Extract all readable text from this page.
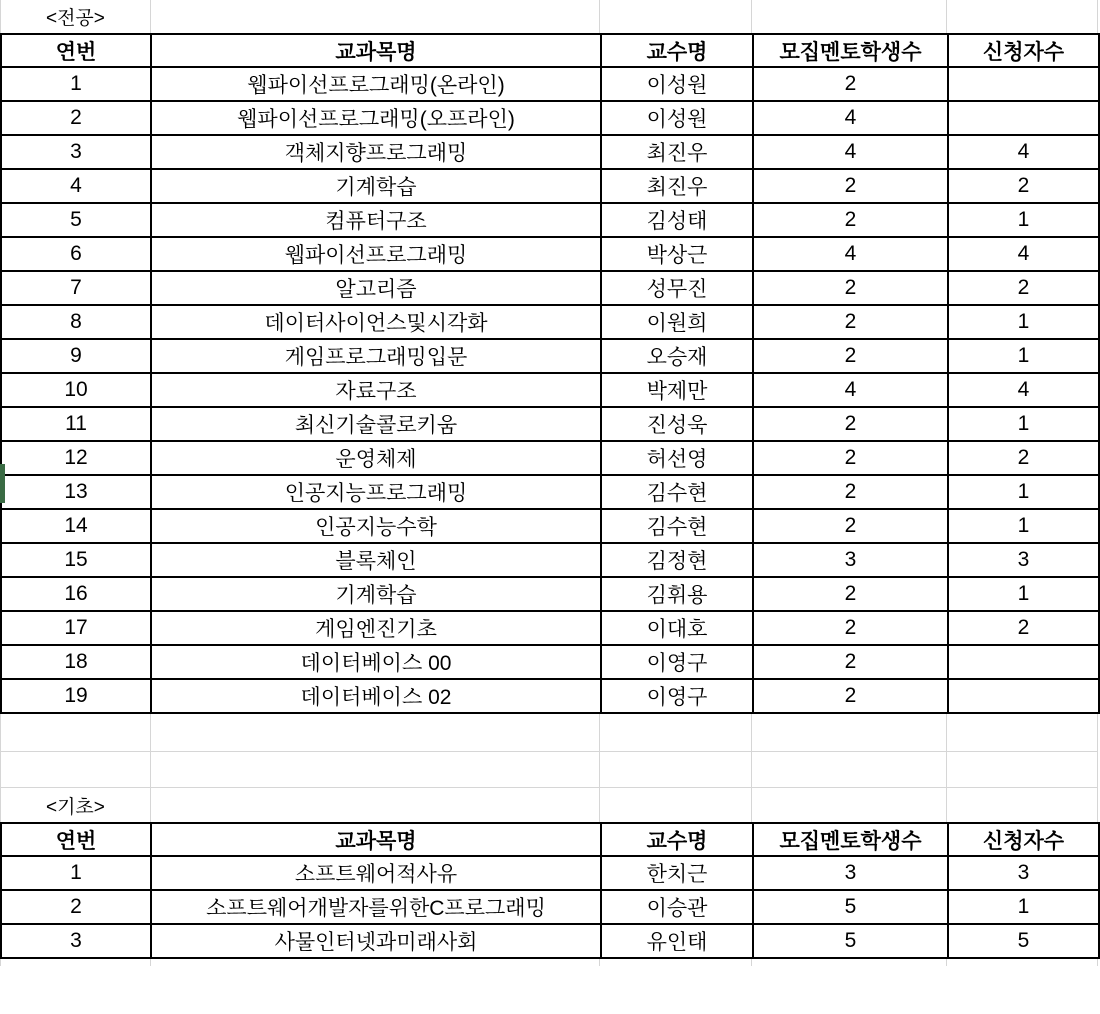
<전공>
연번	교과목명	교수명	모집멘토학생수	신청자수
1	웹파이선프로그래밍(온라인)	이성원	2	
2	웹파이선프로그래밍(오프라인)	이성원	4	
3	객체지향프로그래밍	최진우	4	4
4	기계학습	최진우	2	2
5	컴퓨터구조	김성태	2	1
6	웹파이선프로그래밍	박상근	4	4
7	알고리즘	성무진	2	2
8	데이터사이언스및시각화	이원희	2	1
9	게임프로그래밍입문	오승재	2	1
10	자료구조	박제만	4	4
11	최신기술콜로키움	진성욱	2	1
12	운영체제	허선영	2	2
13	인공지능프로그래밍	김수현	2	1
14	인공지능수학	김수현	2	1
15	블록체인	김정현	3	3
16	기계학습	김휘용	2	1
17	게임엔진기초	이대호	2	2
18	데이터베이스 00	이영구	2	
19	데이터베이스 02	이영구	2	
<기초>
연번	교과목명	교수명	모집멘토학생수	신청자수
1	소프트웨어적사유	한치근	3	3
2	소프트웨어개발자를위한C프로그래밍	이승관	5	1
3	사물인터넷과미래사회	유인태	5	5
